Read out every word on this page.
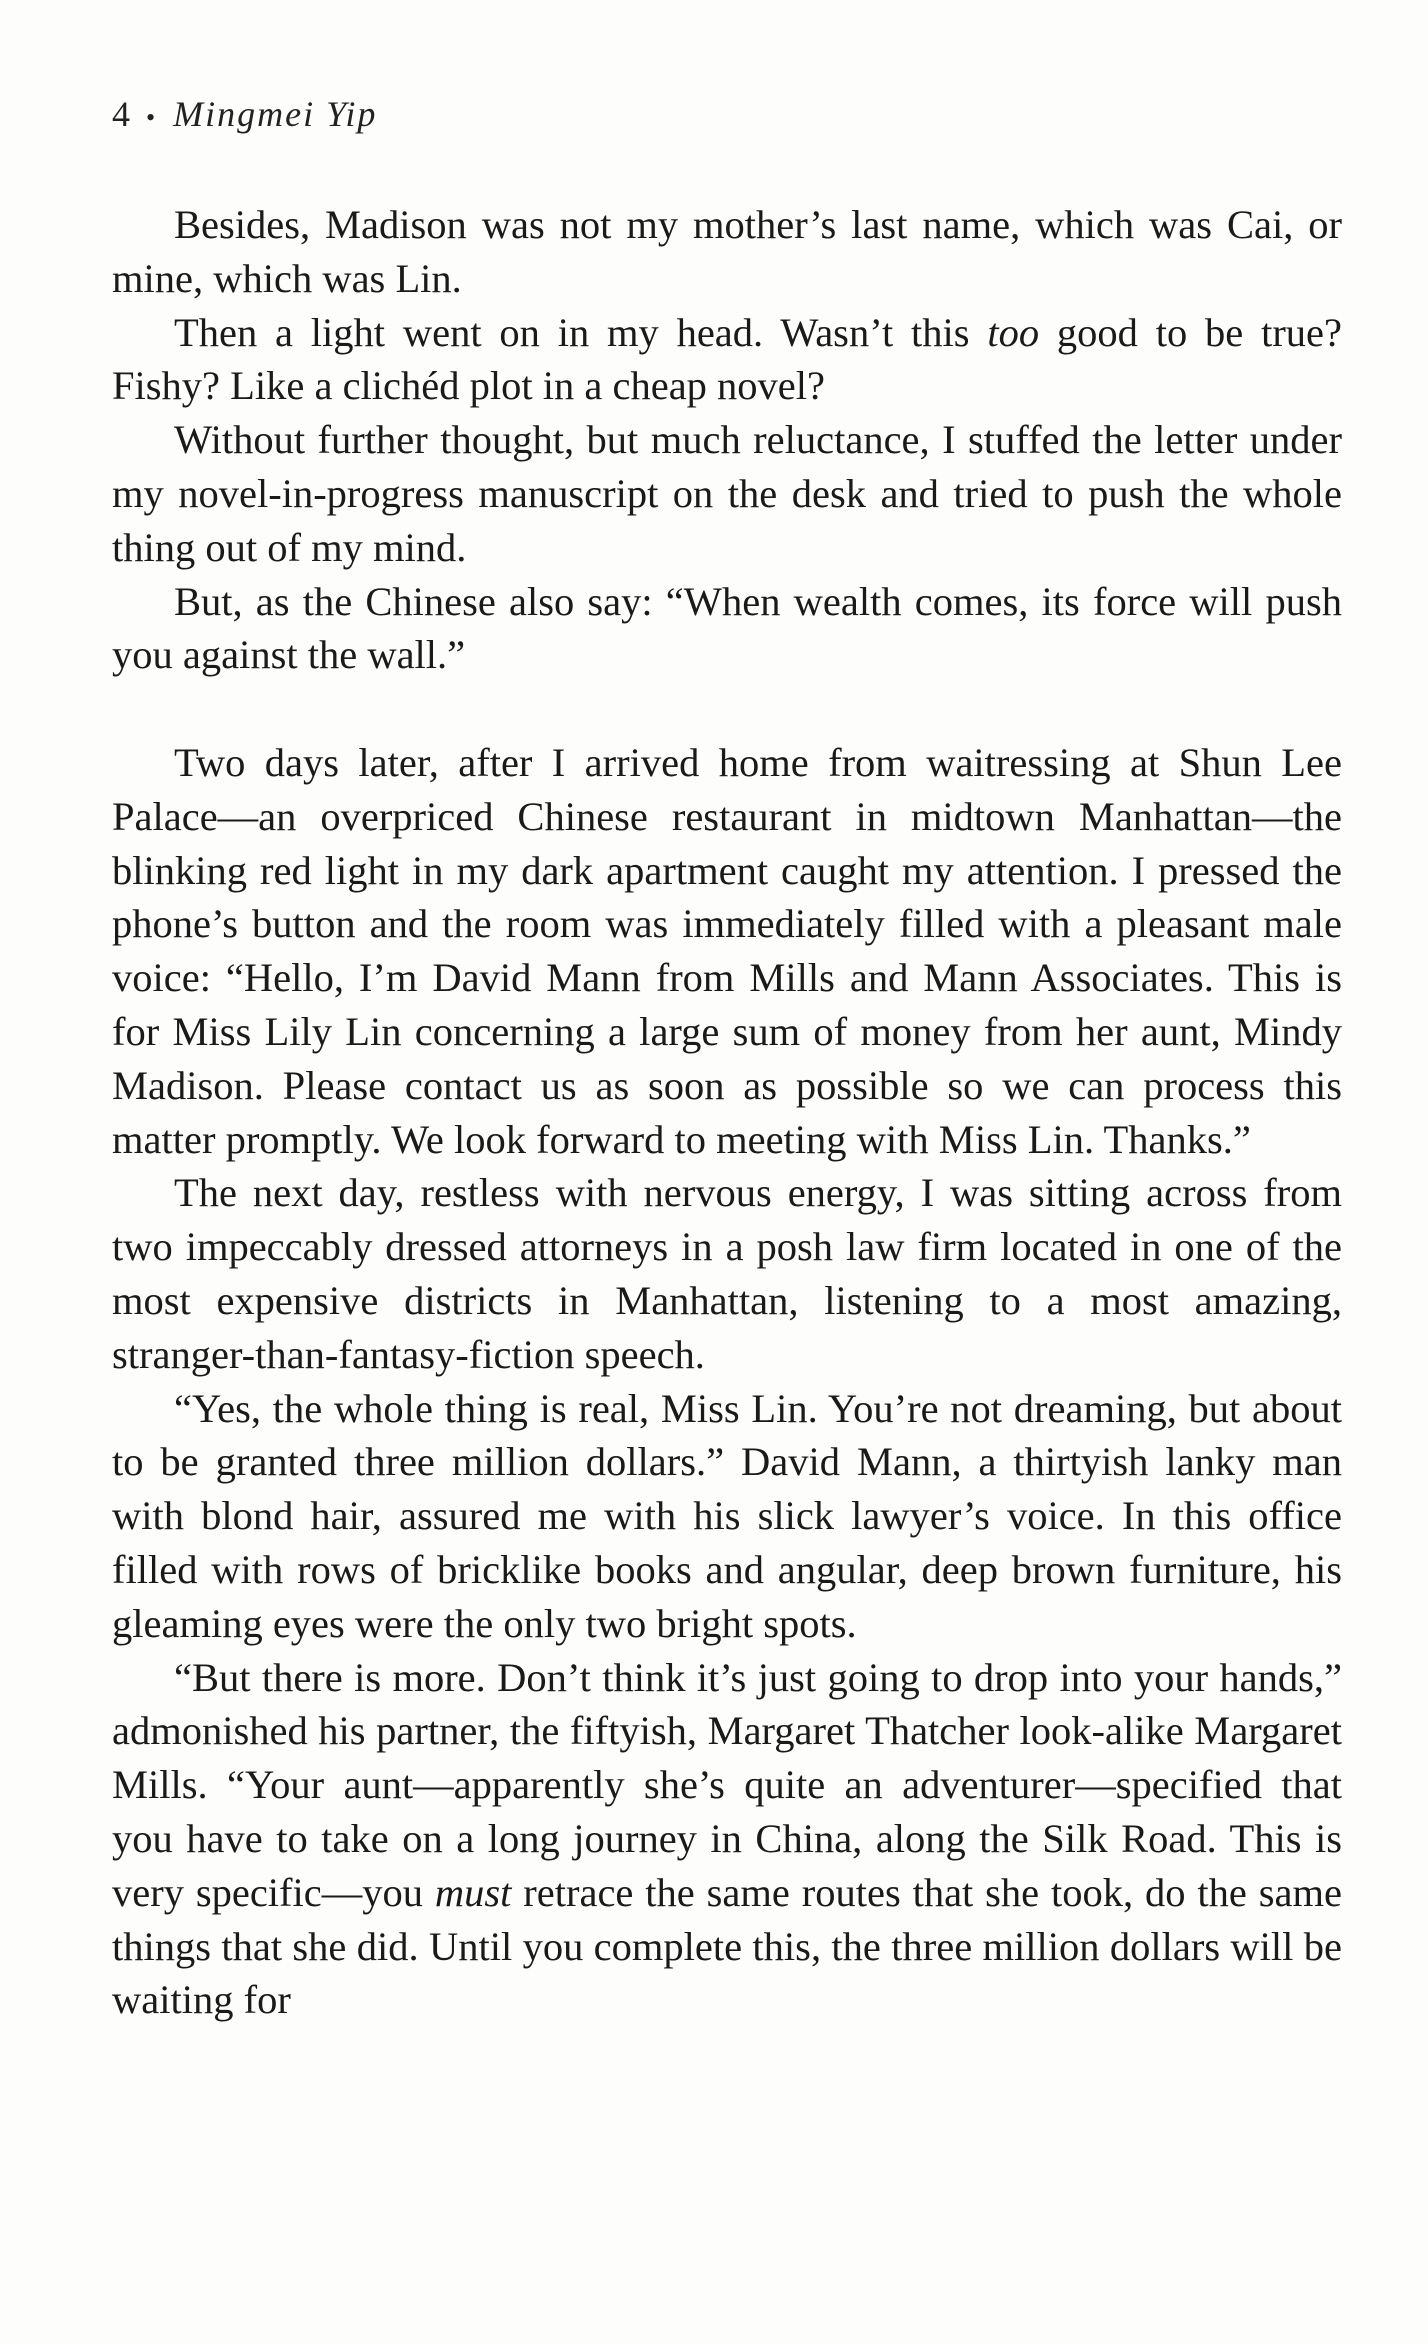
4 • Mingmei Yip

Besides, Madison was not my mother’s last name, which was Cai, or mine, which was Lin.

Then a light went on in my head. Wasn’t this too good to be true? Fishy? Like a clichéd plot in a cheap novel?

Without further thought, but much reluctance, I stuffed the letter under my novel-in-progress manuscript on the desk and tried to push the whole thing out of my mind.

But, as the Chinese also say: “When wealth comes, its force will push you against the wall.”

Two days later, after I arrived home from waitressing at Shun Lee Palace—an overpriced Chinese restaurant in midtown Manhattan—the blinking red light in my dark apartment caught my attention. I pressed the phone’s button and the room was immediately filled with a pleasant male voice: “Hello, I’m David Mann from Mills and Mann Associates. This is for Miss Lily Lin concerning a large sum of money from her aunt, Mindy Madison. Please contact us as soon as possible so we can process this matter promptly. We look forward to meeting with Miss Lin. Thanks.”

The next day, restless with nervous energy, I was sitting across from two impeccably dressed attorneys in a posh law firm located in one of the most expensive districts in Manhattan, listening to a most amazing, stranger-than-fantasy-fiction speech.

“Yes, the whole thing is real, Miss Lin. You’re not dreaming, but about to be granted three million dollars.” David Mann, a thirtyish lanky man with blond hair, assured me with his slick lawyer’s voice. In this office filled with rows of bricklike books and angular, deep brown furniture, his gleaming eyes were the only two bright spots.

“But there is more. Don’t think it’s just going to drop into your hands,” admonished his partner, the fiftyish, Margaret Thatcher look-alike Margaret Mills. “Your aunt—apparently she’s quite an adventurer—specified that you have to take on a long journey in China, along the Silk Road. This is very specific—you must retrace the same routes that she took, do the same things that she did. Until you complete this, the three million dollars will be waiting for
